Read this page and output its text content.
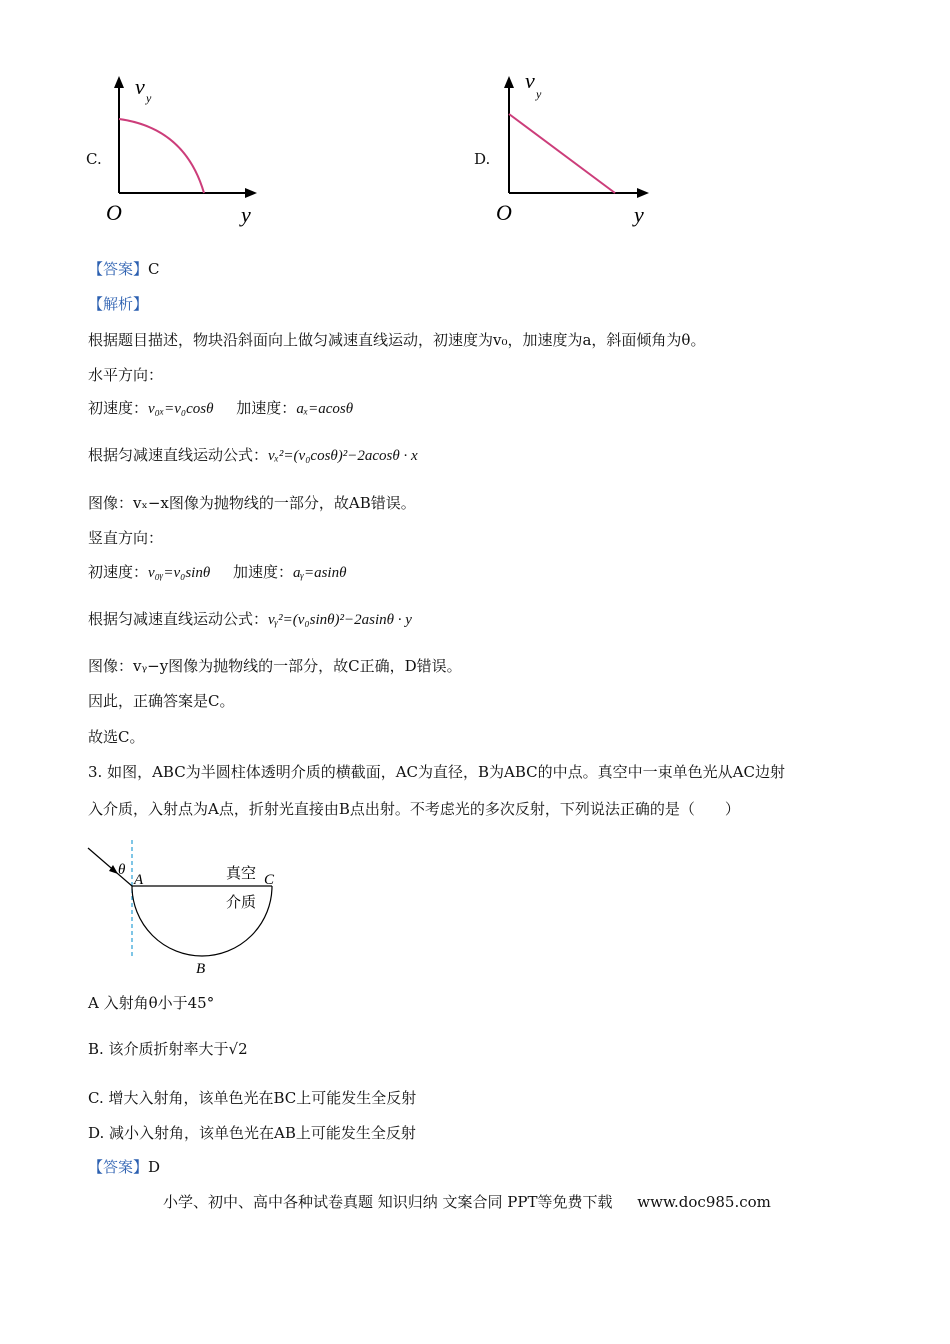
C.
v y
O	y
D.
v
y
O	y
【答案】C
【解析】
根据题目描述，物块沿斜面向上做匀减速直线运动，初速度为v₀，加速度为a，斜面倾角为θ。
水平方向：
初速度：v₀ₓ=v₀cosθ 加速度：aₓ=acosθ
根据匀减速直线运动公式：vₓ²=(v₀cosθ)²−2acosθ · x
图像：vₓ−x图像为抛物线的一部分，故AB错误。
竖直方向：
初速度：v₀ᵧ=v₀sinθ 加速度：aᵧ=asinθ
根据匀减速直线运动公式：vᵧ²=(v₀sinθ)²−2asinθ · y
图像：vᵧ−y图像为抛物线的一部分，故C正确，D错误。
因此，正确答案是C。
故选C。
3. 如图，ABC为半圆柱体透明介质的横截面，AC为直径，B为ABC的中点。真空中一束单色光从AC边射
入介质，入射点为A点，折射光直接由B点出射。不考虑光的多次反射，下列说法正确的是（　　）
θ
A	C
B
真空
介质
A 入射角θ小于45°
B. 该介质折射率大于√2
C. 增大入射角，该单色光在BC上可能发生全反射
D. 减小入射角，该单色光在AB上可能发生全反射
【答案】D
小学、初中、高中各种试卷真题 知识归纳 文案合同 PPT等免费下载 www.doc985.com
